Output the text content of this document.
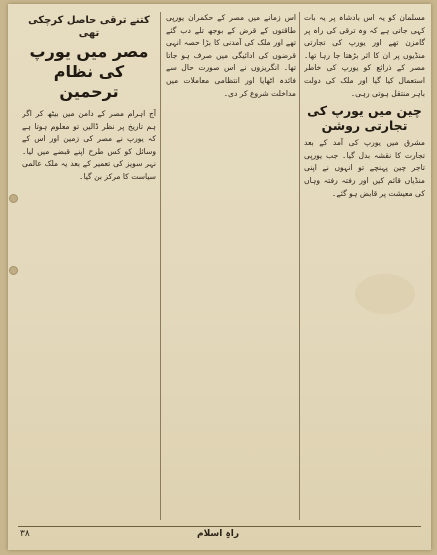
مسلمان کو یہ اس بادشاہ پر یہ بات کہی جاتی ہے کہ وہ ترقی کی راہ پر گامزن تھے اور یورپ کی تجارتی منڈیوں پر ان کا اثر بڑھتا جا رہا تھا۔ مصر کے ذرائع کو یورپ کی خاطر استعمال کیا گیا اور ملک کی دولت باہر منتقل ہوتی رہی۔

چین میں یورپ کی تجارتی روشن

مشرق میں یورپ کی آمد کے بعد تجارت کا نقشہ بدل گیا۔ جب یورپی تاجر چین پہنچے تو انہوں نے اپنی منڈیاں قائم کیں اور رفتہ رفتہ وہاں کی معیشت پر قابض ہو گئے۔

اس زمانے میں مصر کے حکمران یورپی طاقتوں کے قرض کے بوجھ تلے دب گئے تھے اور ملک کی آمدنی کا بڑا حصہ انہی قرضوں کی ادائیگی میں صرف ہو جاتا تھا۔ انگریزوں نے اس صورت حال سے فائدہ اٹھایا اور انتظامی معاملات میں مداخلت شروع کر دی۔

کتنے ترقی حاصل کرچکی تھی
مصر میں یورپ کی نظام ترحمین

آج اہرام مصر کے دامن میں بیٹھ کر اگر ہم تاریخ پر نظر ڈالیں تو معلوم ہوتا ہے کہ یورپ نے مصر کی زمین اور اس کے وسائل کو کس طرح اپنے قبضے میں لیا۔ نہر سویز کی تعمیر کے بعد یہ ملک عالمی سیاست کا مرکز بن گیا۔

راہِ اسلام
۳۸
